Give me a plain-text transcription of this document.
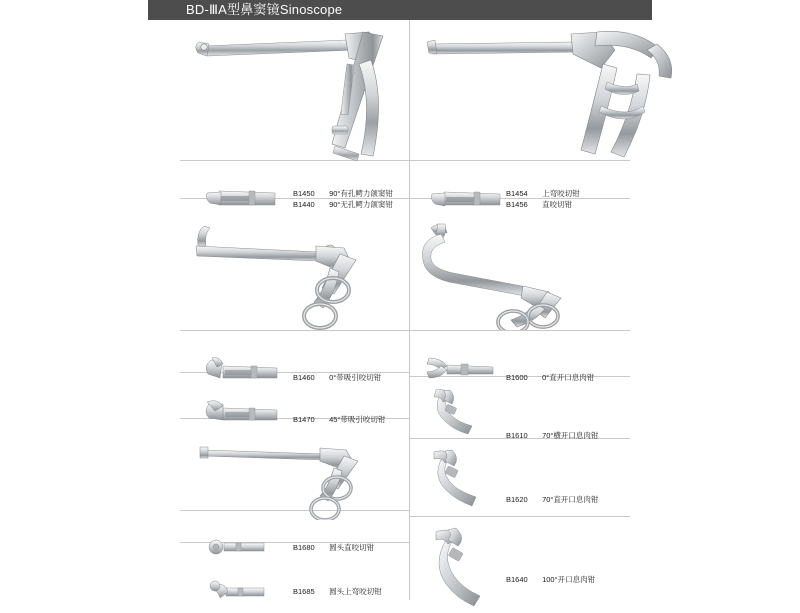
BD-ⅢA型鼻窦镜Sinoscope
B1450 90°有孔鳄力颌窦钳
B1440 90°无孔鳄力颌窦钳
B1460 0°带吸引咬切钳
B1470 45°带吸引咬切钳
B1680 圆头直咬切钳
B1685 圆头上弯咬切钳
B1454 上弯咬切钳
B1456 直咬切钳
B1600 0°直开口息肉钳
B1610 70°横开口息肉钳
B1620 70°直开口息肉钳
B1640 100°开口息肉钳
